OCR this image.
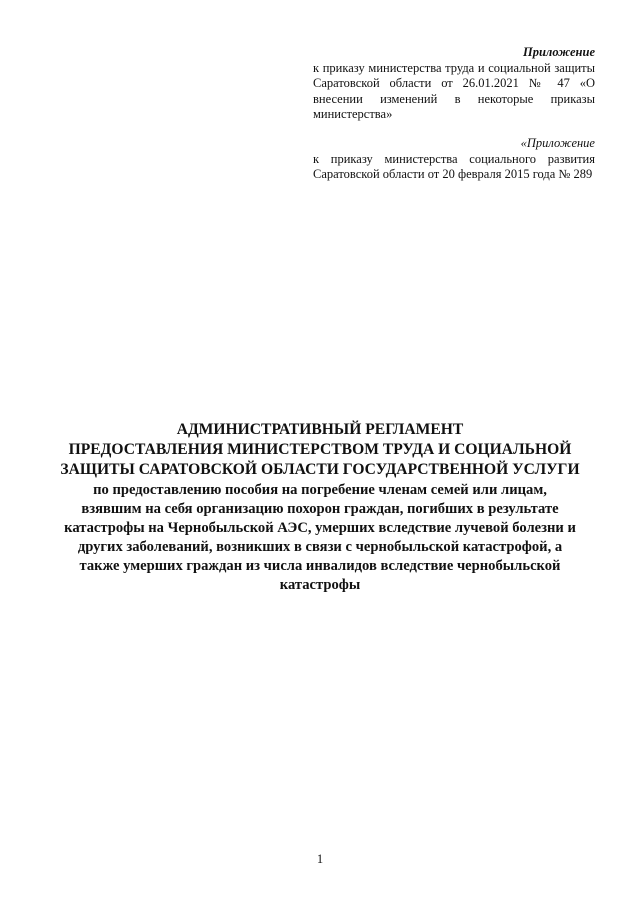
Приложение

к приказу министерства труда и социальной защиты Саратовской области от 26.01.2021 № 47 «О внесении изменений в некоторые приказы министерства»

«Приложение

к приказу министерства социального развития Саратовской области от 20 февраля 2015 года № 289

АДМИНИСТРАТИВНЫЙ РЕГЛАМЕНТ
ПРЕДОСТАВЛЕНИЯ МИНИСТЕРСТВОМ ТРУДА И СОЦИАЛЬНОЙ
ЗАЩИТЫ САРАТОВСКОЙ ОБЛАСТИ ГОСУДАРСТВЕННОЙ УСЛУГИ
по предоставлению пособия на погребение членам семей или лицам,
взявшим на себя организацию похорон граждан, погибших в результате
катастрофы на Чернобыльской АЭС, умерших вследствие лучевой болезни и
других заболеваний, возникших в связи с чернобыльской катастрофой, а
также умерших граждан из числа инвалидов вследствие чернобыльской
катастрофы
1
